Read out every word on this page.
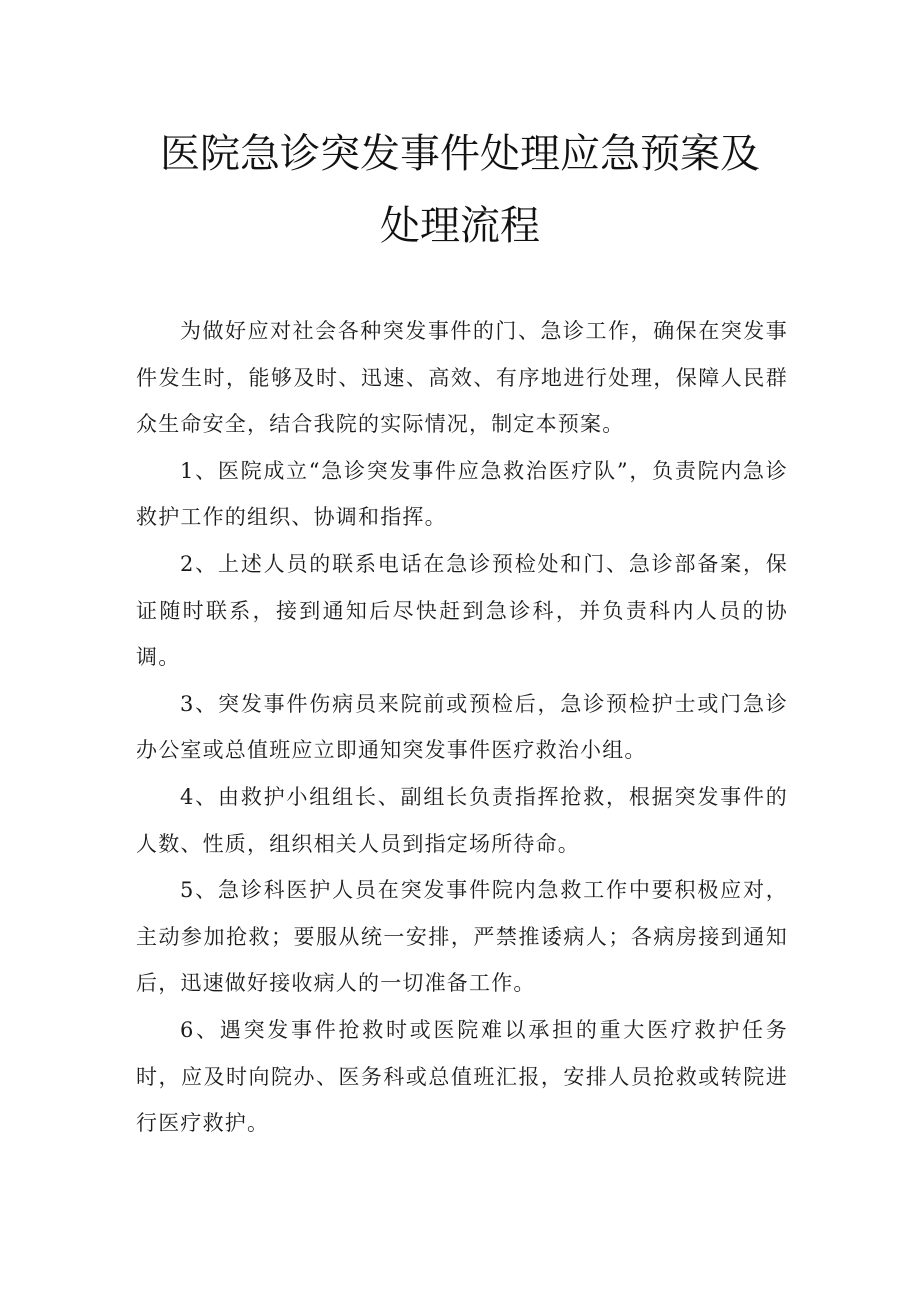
医院急诊突发事件处理应急预案及
处理流程

为做好应对社会各种突发事件的门、急诊工作，确保在突发事件发生时，能够及时、迅速、高效、有序地进行处理，保障人民群众生命安全，结合我院的实际情况，制定本预案。

1、医院成立“急诊突发事件应急救治医疗队”，负责院内急诊救护工作的组织、协调和指挥。

2、上述人员的联系电话在急诊预检处和门、急诊部备案，保证随时联系，接到通知后尽快赶到急诊科，并负责科内人员的协调。

3、突发事件伤病员来院前或预检后，急诊预检护士或门急诊办公室或总值班应立即通知突发事件医疗救治小组。

4、由救护小组组长、副组长负责指挥抢救，根据突发事件的人数、性质，组织相关人员到指定场所待命。

5、急诊科医护人员在突发事件院内急救工作中要积极应对，主动参加抢救；要服从统一安排，严禁推诿病人；各病房接到通知后，迅速做好接收病人的一切准备工作。

6、遇突发事件抢救时或医院难以承担的重大医疗救护任务时，应及时向院办、医务科或总值班汇报，安排人员抢救或转院进行医疗救护。
